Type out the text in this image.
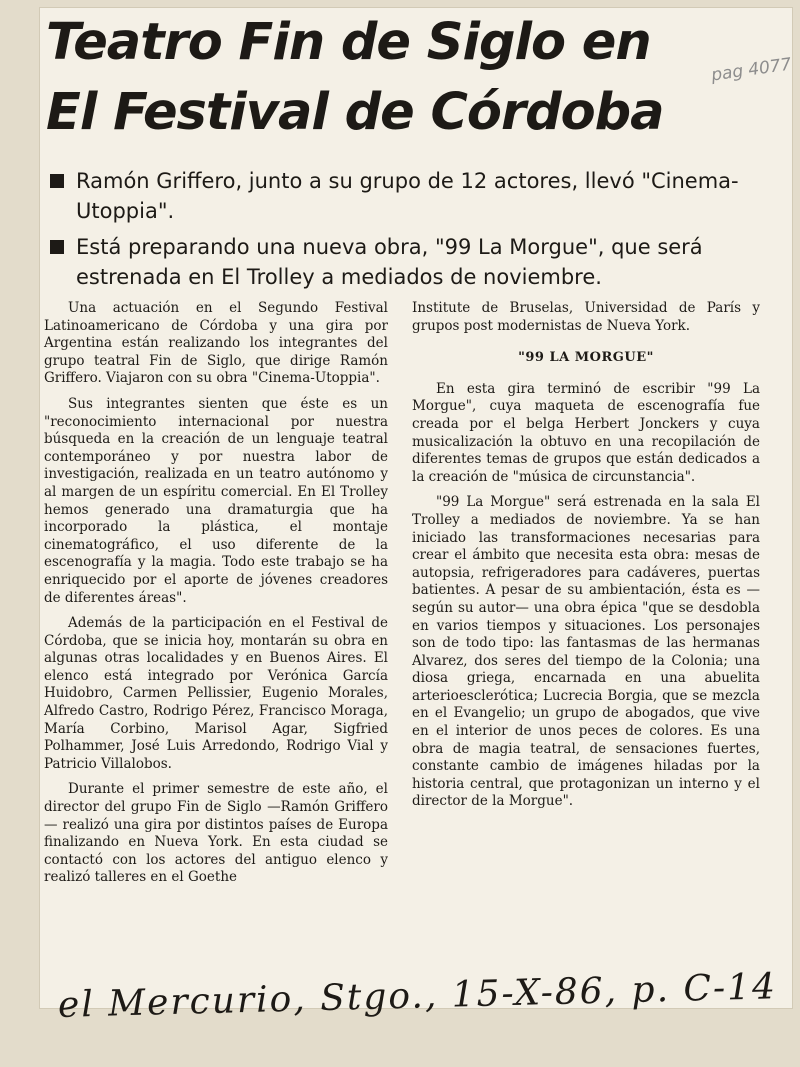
Teatro Fin de Siglo en
El Festival de Córdoba
pag 4077
Ramón Griffero, junto a su grupo de 12 actores, llevó "Cinema-Utoppia".
Está preparando una nueva obra, "99 La Morgue", que será estrenada en El Trolley a mediados de noviembre.

Una actuación en el Segundo Festival Latinoamericano de Córdoba y una gira por Argentina están realizando los integrantes del grupo teatral Fin de Siglo, que dirige Ramón Griffero. Viajaron con su obra "Cinema-Utoppia".

Sus integrantes sienten que éste es un "reconocimiento internacional por nuestra búsqueda en la creación de un lenguaje teatral contemporáneo y por nuestra labor de investigación, realizada en un teatro autónomo y al margen de un espíritu comercial. En El Trolley hemos generado una dramaturgia que ha incorporado la plástica, el montaje cinematográfico, el uso diferente de la escenografía y la magia. Todo este trabajo se ha enriquecido por el aporte de jóvenes creadores de diferentes áreas".

Además de la participación en el Festival de Córdoba, que se inicia hoy, montarán su obra en algunas otras localidades y en Buenos Aires. El elenco está integrado por Verónica García Huidobro, Carmen Pellissier, Eugenio Morales, Alfredo Castro, Rodrigo Pérez, Francisco Moraga, María Corbino, Marisol Agar, Sigfried Polhammer, José Luis Arredondo, Rodrigo Vial y Patricio Villalobos.

Durante el primer semestre de este año, el director del grupo Fin de Siglo —Ramón Griffero— realizó una gira por distintos países de Europa finalizando en Nueva York. En esta ciudad se contactó con los actores del antiguo elenco y realizó talleres en el Goethe

Institute de Bruselas, Universidad de París y grupos post modernistas de Nueva York.

"99 LA MORGUE"

En esta gira terminó de escribir "99 La Morgue", cuya maqueta de escenografía fue creada por el belga Herbert Jonckers y cuya musicalización la obtuvo en una recopilación de diferentes temas de grupos que están dedicados a la creación de "música de circunstancia".

"99 La Morgue" será estrenada en la sala El Trolley a mediados de noviembre. Ya se han iniciado las transformaciones necesarias para crear el ámbito que necesita esta obra: mesas de autopsia, refrigeradores para cadáveres, puertas batientes. A pesar de su ambientación, ésta es —según su autor— una obra épica "que se desdobla en varios tiempos y situaciones. Los personajes son de todo tipo: las fantasmas de las hermanas Alvarez, dos seres del tiempo de la Colonia; una diosa griega, encarnada en una abuelita arterioesclerótica; Lucrecia Borgia, que se mezcla en el Evangelio; un grupo de abogados, que vive en el interior de unos peces de colores. Es una obra de magia teatral, de sensaciones fuertes, constante cambio de imágenes hiladas por la historia central, que protagonizan un interno y el director de la Morgue".

el Mercurio, Stgo., 15-X-86, p. C-14
